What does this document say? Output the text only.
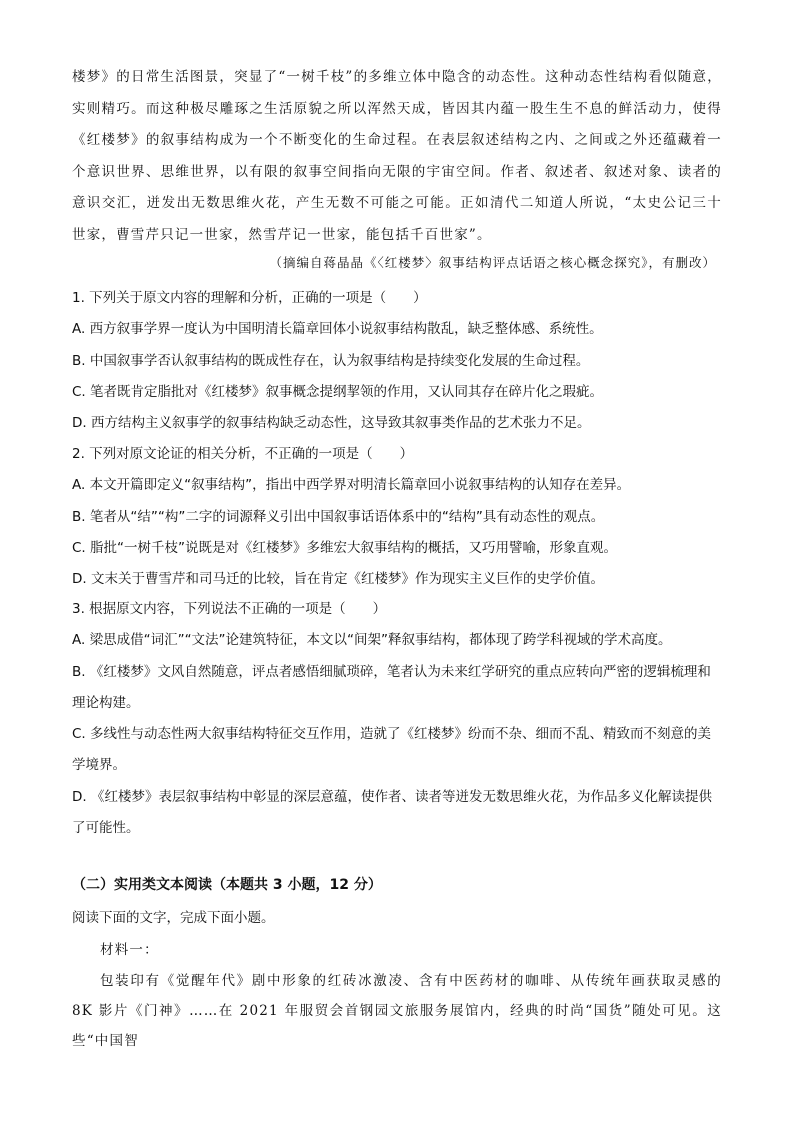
楼梦》的日常生活图景，突显了“一树千枝”的多维立体中隐含的动态性。这种动态性结构看似随意，实则精巧。而这种极尽雕琢之生活原貌之所以浑然天成，皆因其内蕴一股生生不息的鲜活动力，使得《红楼梦》的叙事结构成为一个不断变化的生命过程。在表层叙述结构之内、之间或之外还蕴藏着一个意识世界、思维世界，以有限的叙事空间指向无限的宇宙空间。作者、叙述者、叙述对象、读者的意识交汇，迸发出无数思维火花，产生无数不可能之可能。正如清代二知道人所说，“太史公记三十世家，曹雪芹只记一世家，然雪芹记一世家，能包括千百世家”。

（摘编自蒋晶晶《〈红楼梦〉叙事结构评点话语之核心概念探究》，有删改）
1. 下列关于原文内容的理解和分析，正确的一项是（　　）
A. 西方叙事学界一度认为中国明清长篇章回体小说叙事结构散乱，缺乏整体感、系统性。
B. 中国叙事学否认叙事结构的既成性存在，认为叙事结构是持续变化发展的生命过程。
C. 笔者既肯定脂批对《红楼梦》叙事概念提纲挈领的作用，又认同其存在碎片化之瑕疵。
D. 西方结构主义叙事学的叙事结构缺乏动态性，这导致其叙事类作品的艺术张力不足。
2. 下列对原文论证的相关分析，不正确的一项是（　　）
A. 本文开篇即定义“叙事结构”，指出中西学界对明清长篇章回小说叙事结构的认知存在差异。
B. 笔者从“结”“构”二字的词源释义引出中国叙事话语体系中的“结构”具有动态性的观点。
C. 脂批“一树千枝”说既是对《红楼梦》多维宏大叙事结构的概括，又巧用譬喻，形象直观。
D. 文末关于曹雪芹和司马迁的比较，旨在肯定《红楼梦》作为现实主义巨作的史学价值。
3. 根据原文内容，下列说法不正确的一项是（　　）
A. 梁思成借“词汇”“文法”论建筑特征，本文以“间架”释叙事结构，都体现了跨学科视域的学术高度。
B. 《红楼梦》文风自然随意，评点者感悟细腻琐碎，笔者认为未来红学研究的重点应转向严密的逻辑梳理和理论构建。
C. 多线性与动态性两大叙事结构特征交互作用，造就了《红楼梦》纷而不杂、细而不乱、精致而不刻意的美学境界。
D. 《红楼梦》表层叙事结构中彰显的深层意蕴，使作者、读者等迸发无数思维火花，为作品多义化解读提供了可能性。
（二）实用类文本阅读（本题共 3 小题，12 分）
阅读下面的文字，完成下面小题。
材料一：

包装印有《觉醒年代》剧中形象的红砖冰激凌、含有中医药材的咖啡、从传统年画获取灵感的 8K 影片《门神》……在 2021 年服贸会首钢园文旅服务展馆内，经典的时尚“国货”随处可见。这些“中国智
